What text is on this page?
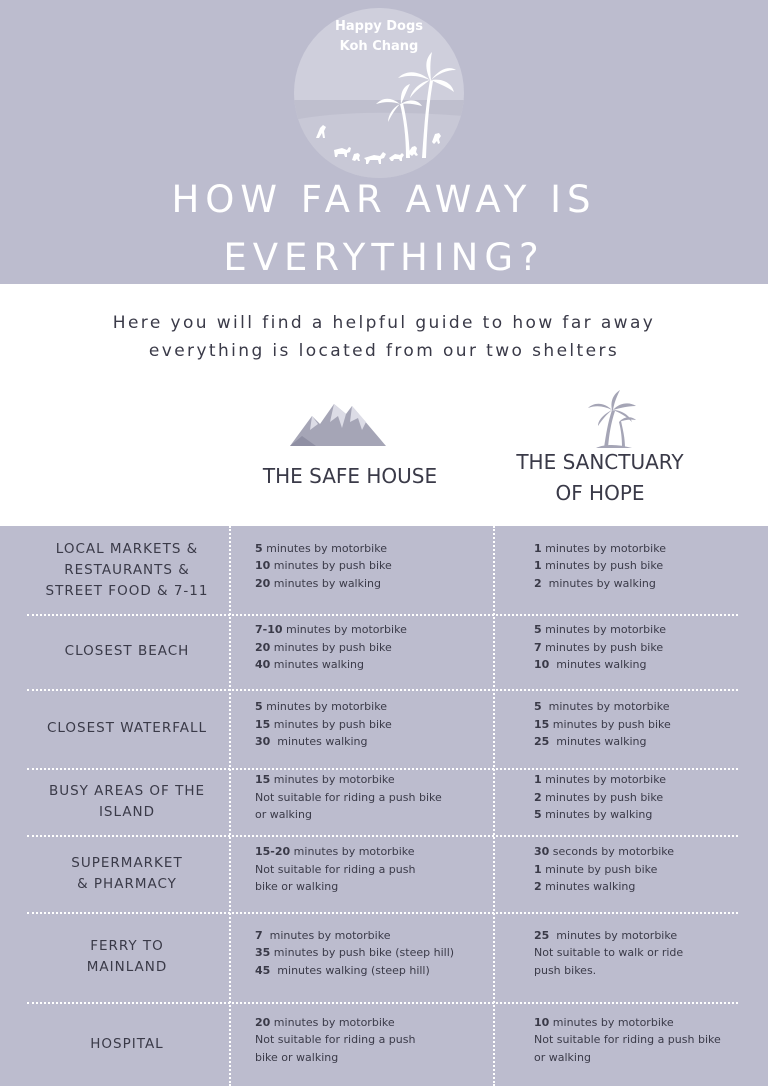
Happy Dogs
Koh Chang
HOW FAR AWAY IS
EVERYTHING?
Here you will find a helpful guide to how far away
everything is located from our two shelters
THE SAFE HOUSE
THE SANCTUARY
OF HOPE
LOCAL MARKETS &
RESTAURANTS &
STREET FOOD & 7-11
5 minutes by motorbike
10 minutes by push bike
20 minutes by walking
1 minutes by motorbike
1 minutes by push bike
2  minutes by walking
CLOSEST BEACH
7-10 minutes by motorbike
20 minutes by push bike
40 minutes walking
5 minutes by motorbike
7 minutes by push bike
10  minutes walking
CLOSEST WATERFALL
5 minutes by motorbike
15 minutes by push bike
30  minutes walking
5  minutes by motorbike
15 minutes by push bike
25  minutes walking
BUSY AREAS OF THE
ISLAND
15 minutes by motorbike
Not suitable for riding a push bike
or walking
1 minutes by motorbike
2 minutes by push bike
5 minutes by walking
SUPERMARKET
& PHARMACY
15-20 minutes by motorbike
Not suitable for riding a push
bike or walking
30 seconds by motorbike
1 minute by push bike
2 minutes walking
FERRY TO
MAINLAND
7  minutes by motorbike
35 minutes by push bike (steep hill)
45  minutes walking (steep hill)
25  minutes by motorbike
Not suitable to walk or ride
push bikes.
HOSPITAL
20 minutes by motorbike
Not suitable for riding a push
bike or walking
10 minutes by motorbike
Not suitable for riding a push bike
or walking
